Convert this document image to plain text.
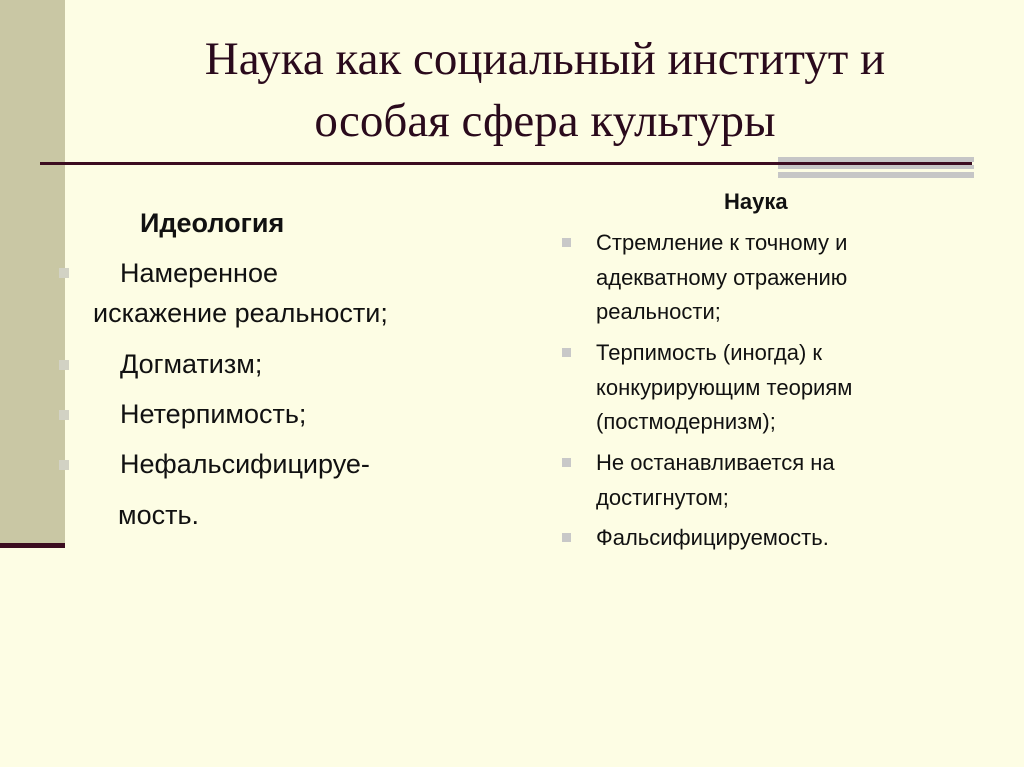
Наука как социальный институт и
особая сфера культуры
Идеология
Намеренное
искажение реальности;
Догматизм;
Нетерпимость;
Нефальсифицируе-
мость.
Наука
Стремление к точному и
адекватному отражению
реальности;
Терпимость (иногда) к
конкурирующим теориям
(постмодернизм);
Не останавливается на
достигнутом;
Фальсифицируемость.
